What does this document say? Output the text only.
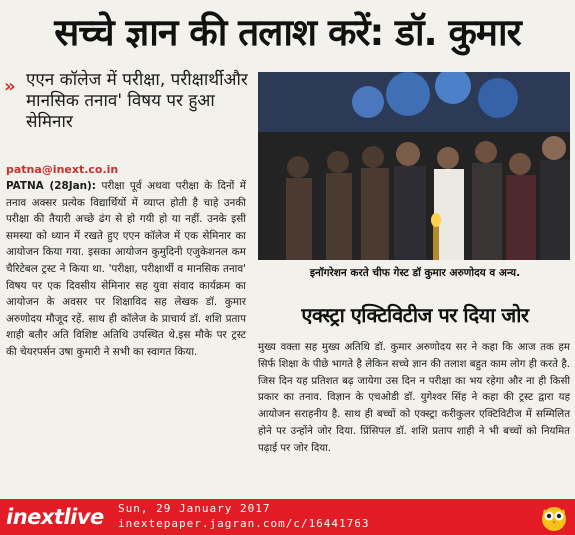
सच्चे ज्ञान की तलाश करें: डॉ. कुमार
» एएन कॉलेज में परीक्षा, परीक्षार्थीऔर मानसिक तनाव' विषय पर हुआ सेमिनार
patna@inext.co.in
PATNA (28Jan): परीक्षा पूर्व अथवा परीक्षा के दिनों में तनाव अक्सर प्रत्येक विद्यार्थियों में व्याप्त होती है चाहे उनकी परीक्षा की तैयारी अच्छे ढंग से हो गयी हो या नहीं. उनके इसी समस्या को ध्यान में रखते हुए एएन कॉलेज में एक सेमिनार का आयोजन किया गया. इसका आयोजन कुमुदिनी एजुकेशनल कम चैरिटेबल ट्रस्ट ने किया था. 'परीक्षा, परीक्षार्थी व मानसिक तनाव' विषय पर एक दिवसीय सेमिनार सह युवा संवाद कार्यक्रम का आयोजन के अवसर पर शिक्षाविद सह लेखक डॉ. कुमार अरुणोदय मौजूद रहें. साथ ही कॉलेज के प्राचार्य डॉ. शशि प्रताप शाही बतौर अति विशिष्ट अतिथि उपस्थित थे.इस मौके पर ट्रस्ट की चेयरपर्सन उषा कुमारी ने सभी का स्वागत किया.
इनॉगरेशन करते चीफ गेस्ट डॉ कुमार अरुणोदय व अन्य.
एक्स्ट्रा एक्टिविटीज पर दिया जोर
मुख्य वक्ता सह मुख्य अतिथि डॉ. कुमार अरुणोदय सर ने कहा कि आज तक हम सिर्फ शिक्षा के पीछे भागते है लेकिन सच्चे ज्ञान की तलाश बहुत काम लोग ही करते है. जिस दिन यह प्रतिशत बढ़ जायेगा उस दिन न परीक्षा का भय रहेगा और ना ही किसी प्रकार का तनाव. विज्ञान के एचओडी डॉ. युगेश्वर सिंह ने कहा की ट्रस्ट द्वारा यह आयोजन सराहनीय है. साथ ही बच्चों को एक्स्ट्रा करीकुलर एक्टिविटीज में सम्मिलित होने पर उन्होंने जोर दिया. प्रिंसिपल डॉ. शशि प्रताप शाही ने भी बच्चों को नियमित पढ़ाई पर जोर दिया.
inextlive	Sun, 29 January 2017
inextepaper.jagran.com/c/16441763
